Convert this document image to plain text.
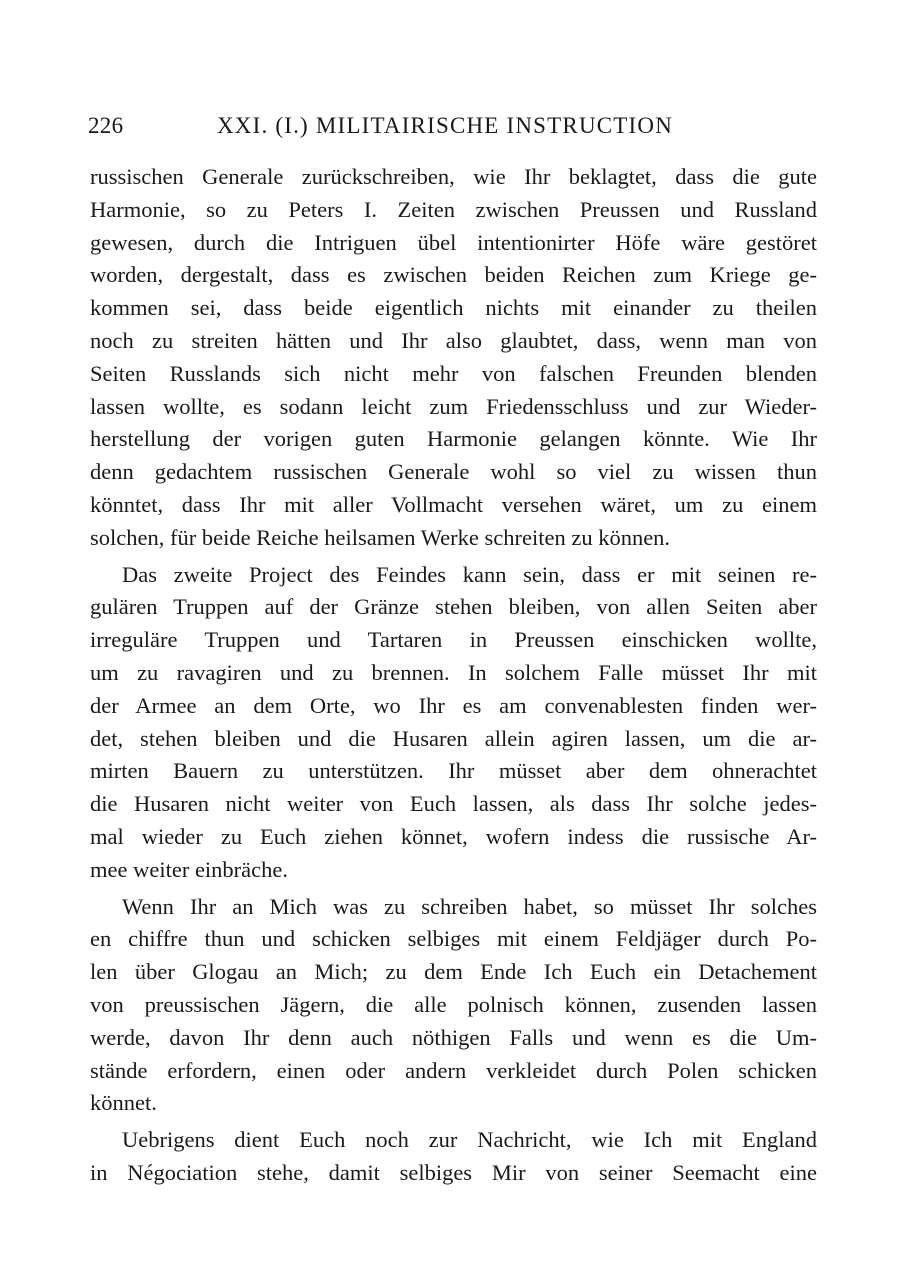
226	XXI. (I.) MILITAIRISCHE INSTRUCTION
russischen Generale zurückschreiben, wie Ihr beklagtet, dass die gute
Harmonie, so zu Peters I. Zeiten zwischen Preussen und Russland
gewesen, durch die Intriguen übel intentionirter Höfe wäre gestöret
worden, dergestalt, dass es zwischen beiden Reichen zum Kriege ge-
kommen sei, dass beide eigentlich nichts mit einander zu theilen
noch zu streiten hätten und Ihr also glaubtet, dass, wenn man von
Seiten Russlands sich nicht mehr von falschen Freunden blenden
lassen wollte, es sodann leicht zum Friedensschluss und zur Wieder-
herstellung der vorigen guten Harmonie gelangen könnte. Wie Ihr
denn gedachtem russischen Generale wohl so viel zu wissen thun
könntet, dass Ihr mit aller Vollmacht versehen wäret, um zu einem
solchen, für beide Reiche heilsamen Werke schreiten zu können.
Das zweite Project des Feindes kann sein, dass er mit seinen re-
gulären Truppen auf der Gränze stehen bleiben, von allen Seiten aber
irreguläre Truppen und Tartaren in Preussen einschicken wollte,
um zu ravagiren und zu brennen. In solchem Falle müsset Ihr mit
der Armee an dem Orte, wo Ihr es am convenablesten finden wer-
det, stehen bleiben und die Husaren allein agiren lassen, um die ar-
mirten Bauern zu unterstützen. Ihr müsset aber dem ohnerachtet
die Husaren nicht weiter von Euch lassen, als dass Ihr solche jedes-
mal wieder zu Euch ziehen könnet, wofern indess die russische Ar-
mee weiter einbräche.
Wenn Ihr an Mich was zu schreiben habet, so müsset Ihr solches
en chiffre thun und schicken selbiges mit einem Feldjäger durch Po-
len über Glogau an Mich; zu dem Ende Ich Euch ein Detachement
von preussischen Jägern, die alle polnisch können, zusenden lassen
werde, davon Ihr denn auch nöthigen Falls und wenn es die Um-
stände erfordern, einen oder andern verkleidet durch Polen schicken
könnet.
Uebrigens dient Euch noch zur Nachricht, wie Ich mit England
in Négociation stehe, damit selbiges Mir von seiner Seemacht eine
